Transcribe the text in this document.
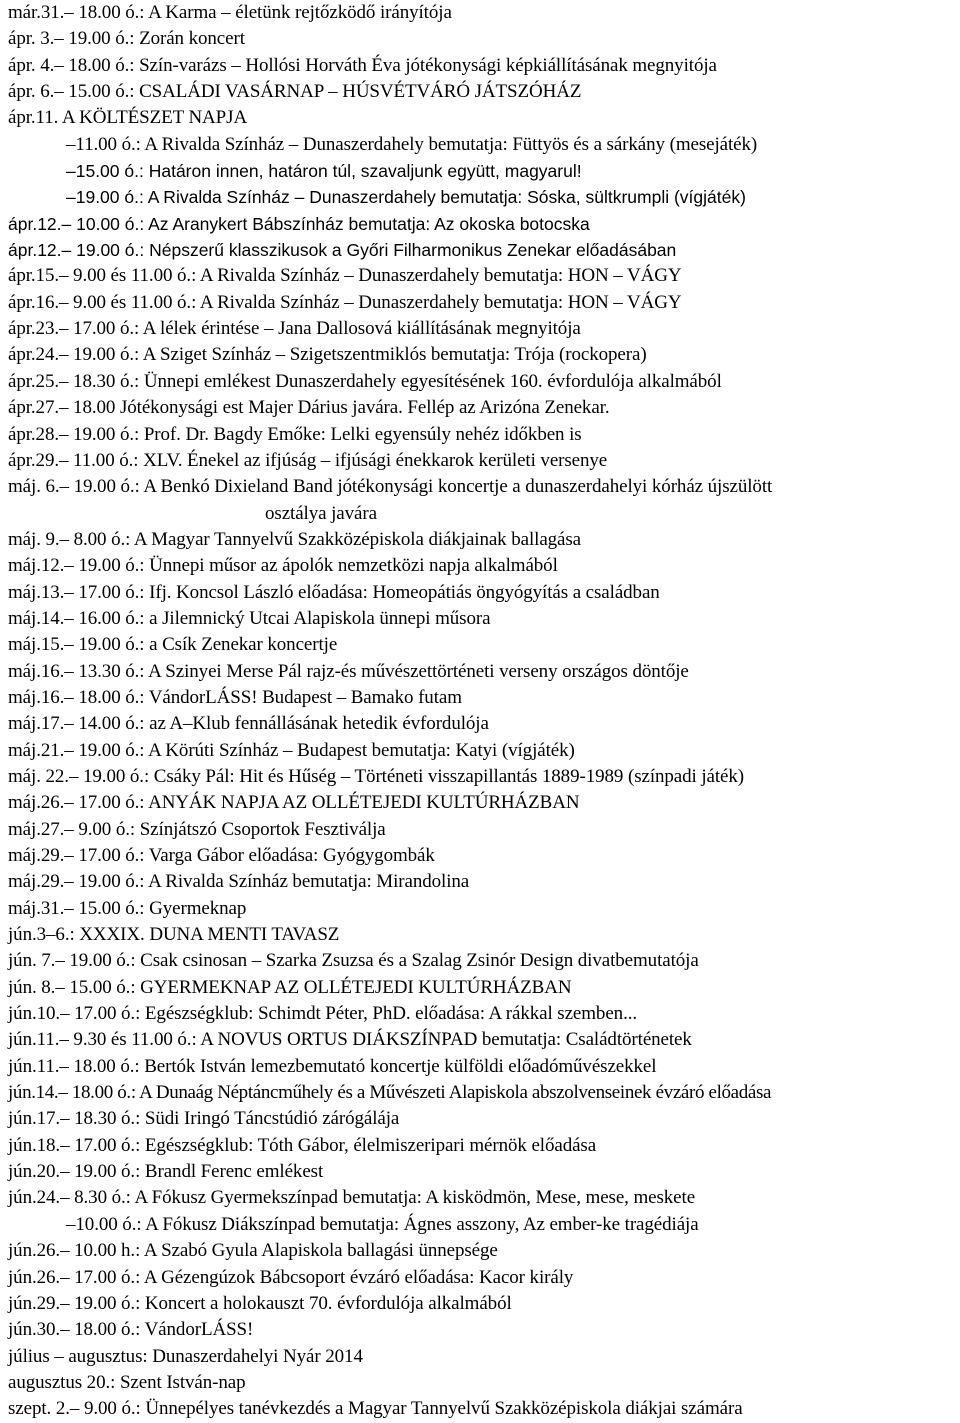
már.31.– 18.00 ó.: A Karma – életünk rejtőzködő irányítója
ápr. 3.– 19.00 ó.: Zorán koncert
ápr. 4.– 18.00 ó.: Szín-varázs – Hollósi Horváth Éva jótékonysági képkiállításának megnyitója
ápr. 6.– 15.00 ó.: CSALÁDI VASÁRNAP – HÚSVÉTVÁRÓ JÁTSZÓHÁZ
ápr.11. A KÖLTÉSZET NAPJA
–11.00 ó.: A Rivalda Színház – Dunaszerdahely bemutatja: Füttyös és a sárkány (mesejáték)
–15.00 ó.: Határon innen, határon túl, szavaljunk együtt, magyarul!
–19.00 ó.: A Rivalda Színház – Dunaszerdahely bemutatja: Sóska, sültkrumpli (vígjáték)
ápr.12.– 10.00 ó.: Az Aranykert Bábszínház bemutatja: Az okoska botocska
ápr.12.– 19.00 ó.: Népszerű klasszikusok a Győri Filharmonikus Zenekar előadásában
ápr.15.– 9.00 és 11.00 ó.: A Rivalda Színház – Dunaszerdahely bemutatja: HON – VÁGY
ápr.16.– 9.00 és 11.00 ó.: A Rivalda Színház – Dunaszerdahely bemutatja: HON – VÁGY
ápr.23.– 17.00 ó.: A lélek érintése – Jana Dallosová kiállításának megnyitója
ápr.24.– 19.00 ó.: A Sziget Színház – Szigetszentmiklós bemutatja: Trója (rockopera)
ápr.25.– 18.30 ó.: Ünnepi emlékest Dunaszerdahely egyesítésének 160. évfordulója alkalmából
ápr.27.– 18.00 Jótékonysági est Majer Dárius javára. Fellép az Arizóna Zenekar.
ápr.28.– 19.00 ó.: Prof. Dr. Bagdy Emőke: Lelki egyensúly nehéz időkben is
ápr.29.– 11.00 ó.: XLV. Énekel az ifjúság – ifjúsági énekkarok kerületi versenye
máj. 6.– 19.00 ó.: A Benkó Dixieland Band jótékonysági koncertje a dunaszerdahelyi kórház újszülött
osztálya javára
máj. 9.– 8.00 ó.: A Magyar Tannyelvű Szakközépiskola diákjainak ballagása
máj.12.– 19.00 ó.: Ünnepi műsor az ápolók nemzetközi napja alkalmából
máj.13.– 17.00 ó.: Ifj. Koncsol László előadása: Homeopátiás öngyógyítás a családban
máj.14.– 16.00 ó.: a Jilemnický Utcai Alapiskola ünnepi műsora
máj.15.– 19.00 ó.: a Csík Zenekar koncertje
máj.16.– 13.30 ó.: A Szinyei Merse Pál rajz-és művészettörténeti verseny országos döntője
máj.16.– 18.00 ó.: VándorLÁSS! Budapest – Bamako futam
máj.17.– 14.00 ó.: az A–Klub fennállásának hetedik évfordulója
máj.21.– 19.00 ó.: A Körúti Színház – Budapest bemutatja: Katyi (vígjáték)
máj. 22.– 19.00 ó.: Csáky Pál: Hit és Hűség – Történeti visszapillantás 1889-1989 (színpadi játék)
máj.26.– 17.00 ó.: ANYÁK NAPJA AZ OLLÉTEJEDI KULTÚRHÁZBAN
máj.27.– 9.00 ó.: Színjátszó Csoportok Fesztiválja
máj.29.– 17.00 ó.: Varga Gábor előadása: Gyógygombák
máj.29.– 19.00 ó.: A Rivalda Színház bemutatja: Mirandolina
máj.31.– 15.00 ó.: Gyermeknap
jún.3–6.: XXXIX. DUNA MENTI TAVASZ
jún. 7.– 19.00 ó.: Csak csinosan – Szarka Zsuzsa és a Szalag Zsinór Design divatbemutatója
jún. 8.– 15.00 ó.: GYERMEKNAP AZ OLLÉTEJEDI KULTÚRHÁZBAN
jún.10.– 17.00 ó.: Egészségklub: Schimdt Péter, PhD. előadása: A rákkal szemben...
jún.11.– 9.30 és 11.00 ó.: A NOVUS ORTUS DIÁKSZÍNPAD bemutatja: Családtörténetek
jún.11.– 18.00 ó.: Bertók István lemezbemutató koncertje külföldi előadóművészekkel
jún.14.– 18.00 ó.: A Dunaág Néptáncműhely és a Művészeti Alapiskola abszolvenseinek évzáró előadása
jún.17.– 18.30 ó.: Südi Iringó Táncstúdió zárógálája
jún.18.– 17.00 ó.: Egészségklub: Tóth Gábor, élelmiszeripari mérnök előadása
jún.20.– 19.00 ó.: Brandl Ferenc emlékest
jún.24.– 8.30 ó.: A Fókusz Gyermekszínpad bemutatja: A kisködmön, Mese, mese, meskete
–10.00 ó.: A Fókusz Diákszínpad bemutatja: Ágnes asszony, Az ember-ke tragédiája
jún.26.– 10.00 h.: A Szabó Gyula Alapiskola ballagási ünnepsége
jún.26.– 17.00 ó.: A Gézengúzok Bábcsoport évzáró előadása: Kacor király
jún.29.– 19.00 ó.: Koncert a holokauszt 70. évfordulója alkalmából
jún.30.– 18.00 ó.: VándorLÁSS!
július – augusztus: Dunaszerdahelyi Nyár 2014
augusztus 20.: Szent István-nap
szept. 2.– 9.00 ó.: Ünnepélyes tanévkezdés a Magyar Tannyelvű Szakközépiskola diákjai számára
